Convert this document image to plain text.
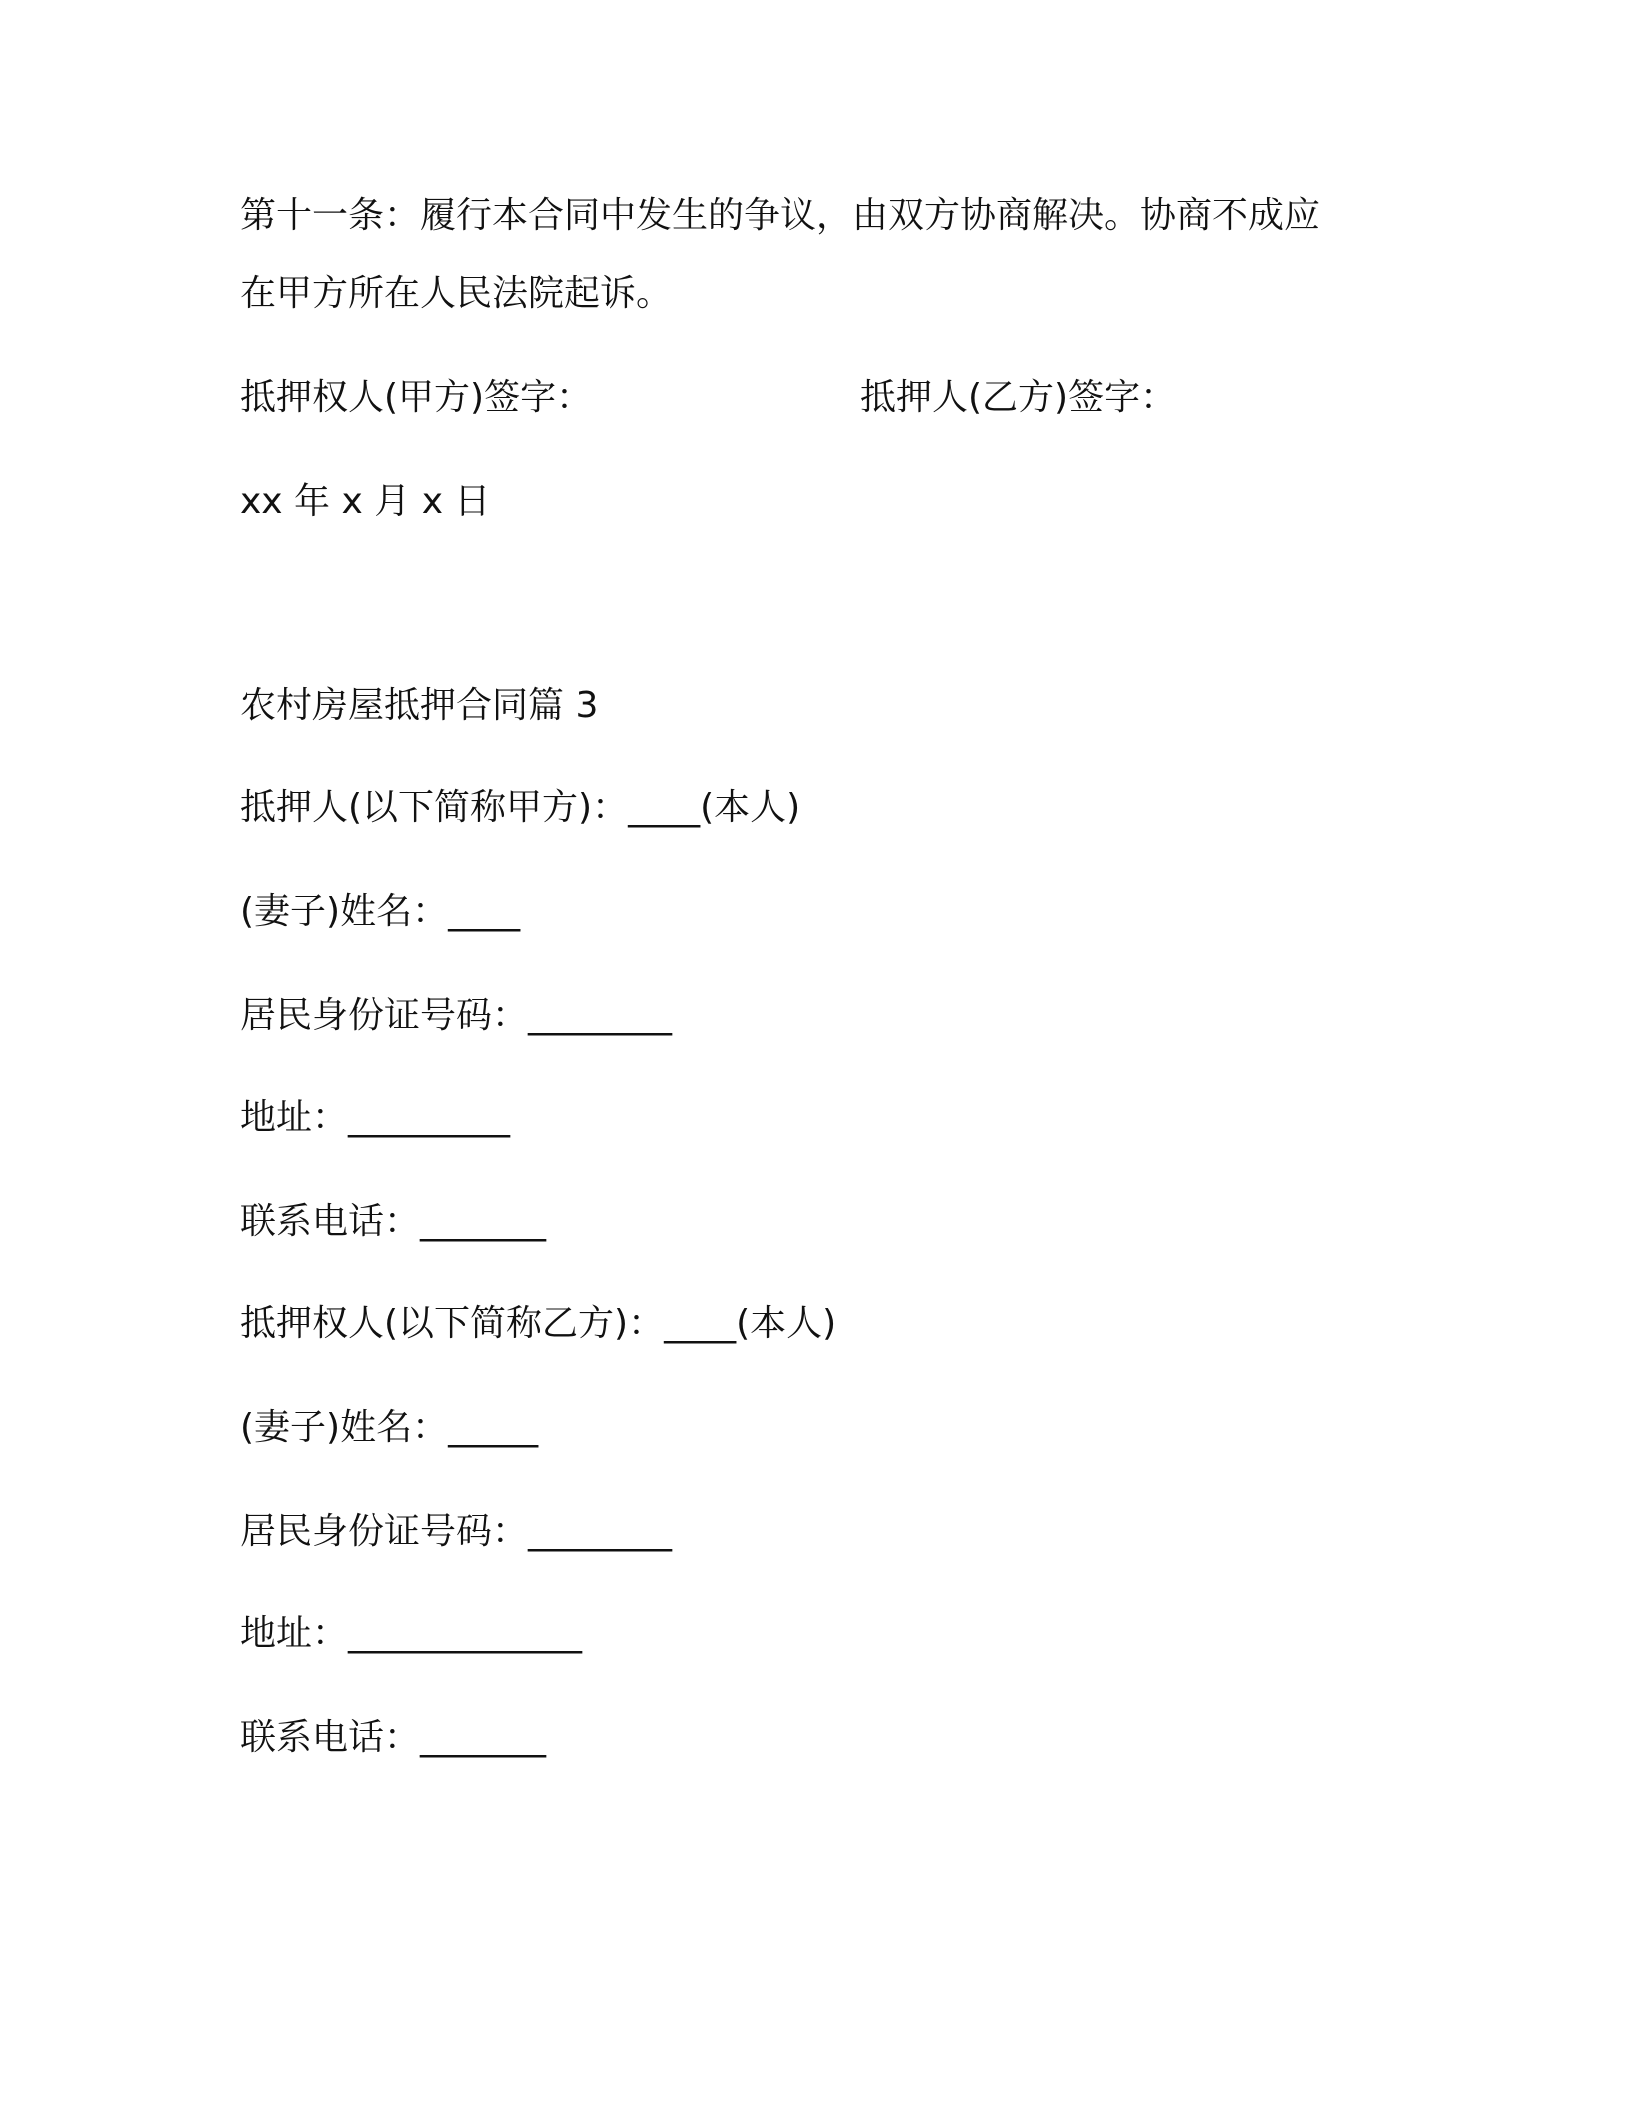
第十一条：履行本合同中发生的争议，由双方协商解决。协商不成应
在甲方所在人民法院起诉。
抵押权人(甲方)签字：	抵押人(乙方)签字：
xx 年 x 月 x 日
农村房屋抵押合同篇 3
抵押人(以下简称甲方)：____(本人)
(妻子)姓名：____
居民身份证号码：________
地址：_________
联系电话：_______
抵押权人(以下简称乙方)：____(本人)
(妻子)姓名：_____
居民身份证号码：________
地址：_____________
联系电话：_______
